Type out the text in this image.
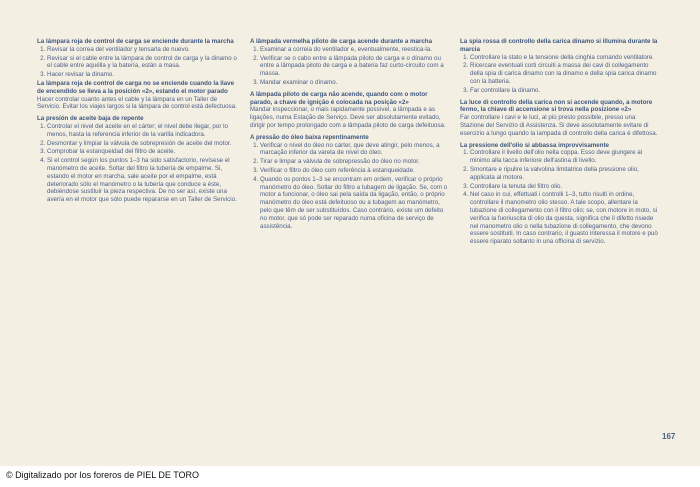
La lámpara roja de control de carga se enciende durante la marcha

1. Revisar la correa del ventilador y tensarla de nuevo.
2. Revisar si el cable entre la lámpara de control de carga y la dinamo o el cable entre aquélla y la batería, están a masa.
3. Hacer revisar la dinamo.

La lámpara roja de control de carga no se enciende cuando la llave de encendido se lleva a la posición «2», estando el motor parado

Hacer controlar cuanto antes el cable y la lámpara en un Taller de Servicio. Evitar los viajes largos si la lámpara de control está defectuosa.

La presión de aceite baja de repente

1. Controlar el nivel del aceite en el cárter; el nivel debe llegar, por lo menos, hasta la referencia inferior de la varilla indicadora.
2. Desmontar y limpiar la válvula de sobrepresión de aceite del motor.
3. Comprobar la estanqueidad del filtro de aceite.
4. Si el control según los puntos 1–3 ha sido satisfactorio, revísese el manómetro de aceite. Soltar del filtro la tubería de empalme. Si, estando el motor en marcha, sale aceite por el empalme, está deteriorado sólo el manómetro o la tubería que conduce a éste, debiéndose sustituir la pieza respectiva. De no ser así, existe una avería en el motor que sólo puede repararse en un Taller de Servicio.

A lâmpada vermelha piloto de carga acende durante a marcha

1. Examinar a correia do ventilador e, eventualmente, reestica-la.
2. Verificar se o cabo entre a lâmpada piloto de carga e o dínamo ou entre a lâmpada piloto de carga e a bateria faz curto-circuito com a massa.
3. Mandar examinar o dínamo.

A lâmpada piloto de carga não acende, quando com o motor parado, a chave de ignição é colocada na posição «2»

Mandar inspeccionar, o mais rapidamente possível, a lâmpada e as ligações, numa Estação de Serviço. Deve ser absolutamente evitado, dirigir por tempo prolongado com a lâmpada piloto de carga defeituosa.

A pressão do óleo baixa repentinamente

1. Verificar o nível do óleo no cárter, que deve atingir, pelo menos, a marcação inferior da vareta de nível do óleo.
2. Tirar e limpar a válvula de sobrepressão do óleo no motor.
3. Verificar o filtro do óleo com referência à estanqueidade.
4. Quando os pontos 1–3 se encontram em ordem, verificar o próprio manómetro do óleo. Soltar do filtro a tubagem de ligação. Se, com o motor a funcionar, o óleo sai pela saída da ligação, então, o próprio manómetro do óleo está defeituoso ou a tubagem ao manómetro, pelo que têm de ser substituídos. Caso contrário, existe um defeito no motor, que só pode ser reparado numa oficina de serviço de assistência.

La spia rossa di controllo della carica dinamo si illumina durante la marcia

1. Controllare la stato e la tensione della cinghia comando ventilatore.
2. Ricercare eventuali corti circuiti a massa dei cavi di collegamento della spia di carica dinamo con la dinamo e della spia carica dinamo con la batteria.
3. Far controllare la dinamo.

La luce di controllo della carica non si accende quando, a motore fermo, la chiave di accensione si trova nella posizione «2»

Far controllare i cavi e le luci, al più presto possibile, presso una Stazione del Servizio di Assistenza. Si deve assolutamente evitare di esercizio a lungo quando la lampada di controllo della carica è difettosa.

La pressione dell'olio si abbassa improvvisamente

1. Controllare il livello dell'olio nella coppa. Esso deve giungere al minimo alla tacca inferiore dell'astina di livello.
2. Smontare e ripulire la valvolina limitatrice della pressione olio, applicata al motore.
3. Controllare la tenuta del filtro olio.
4. Nel caso in cui, effettuati i controlli 1–3, tutto risulti in ordine, controllare il manometro olio stesso. A tale scopo, allentare la tubazione di collegamento con il filtro olio; se, con motore in moto, si verifica la fuoriuscita di olio da questa, significa che il difetto risiede nel manometro olio o nella tubazione di collegamento, che devono essere sostituiti. In caso contrario, il guasto interessa il motore e può essere riparato soltanto in una officina di servizio.
167
© Digitalizado por los foreros de PIEL DE TORO
